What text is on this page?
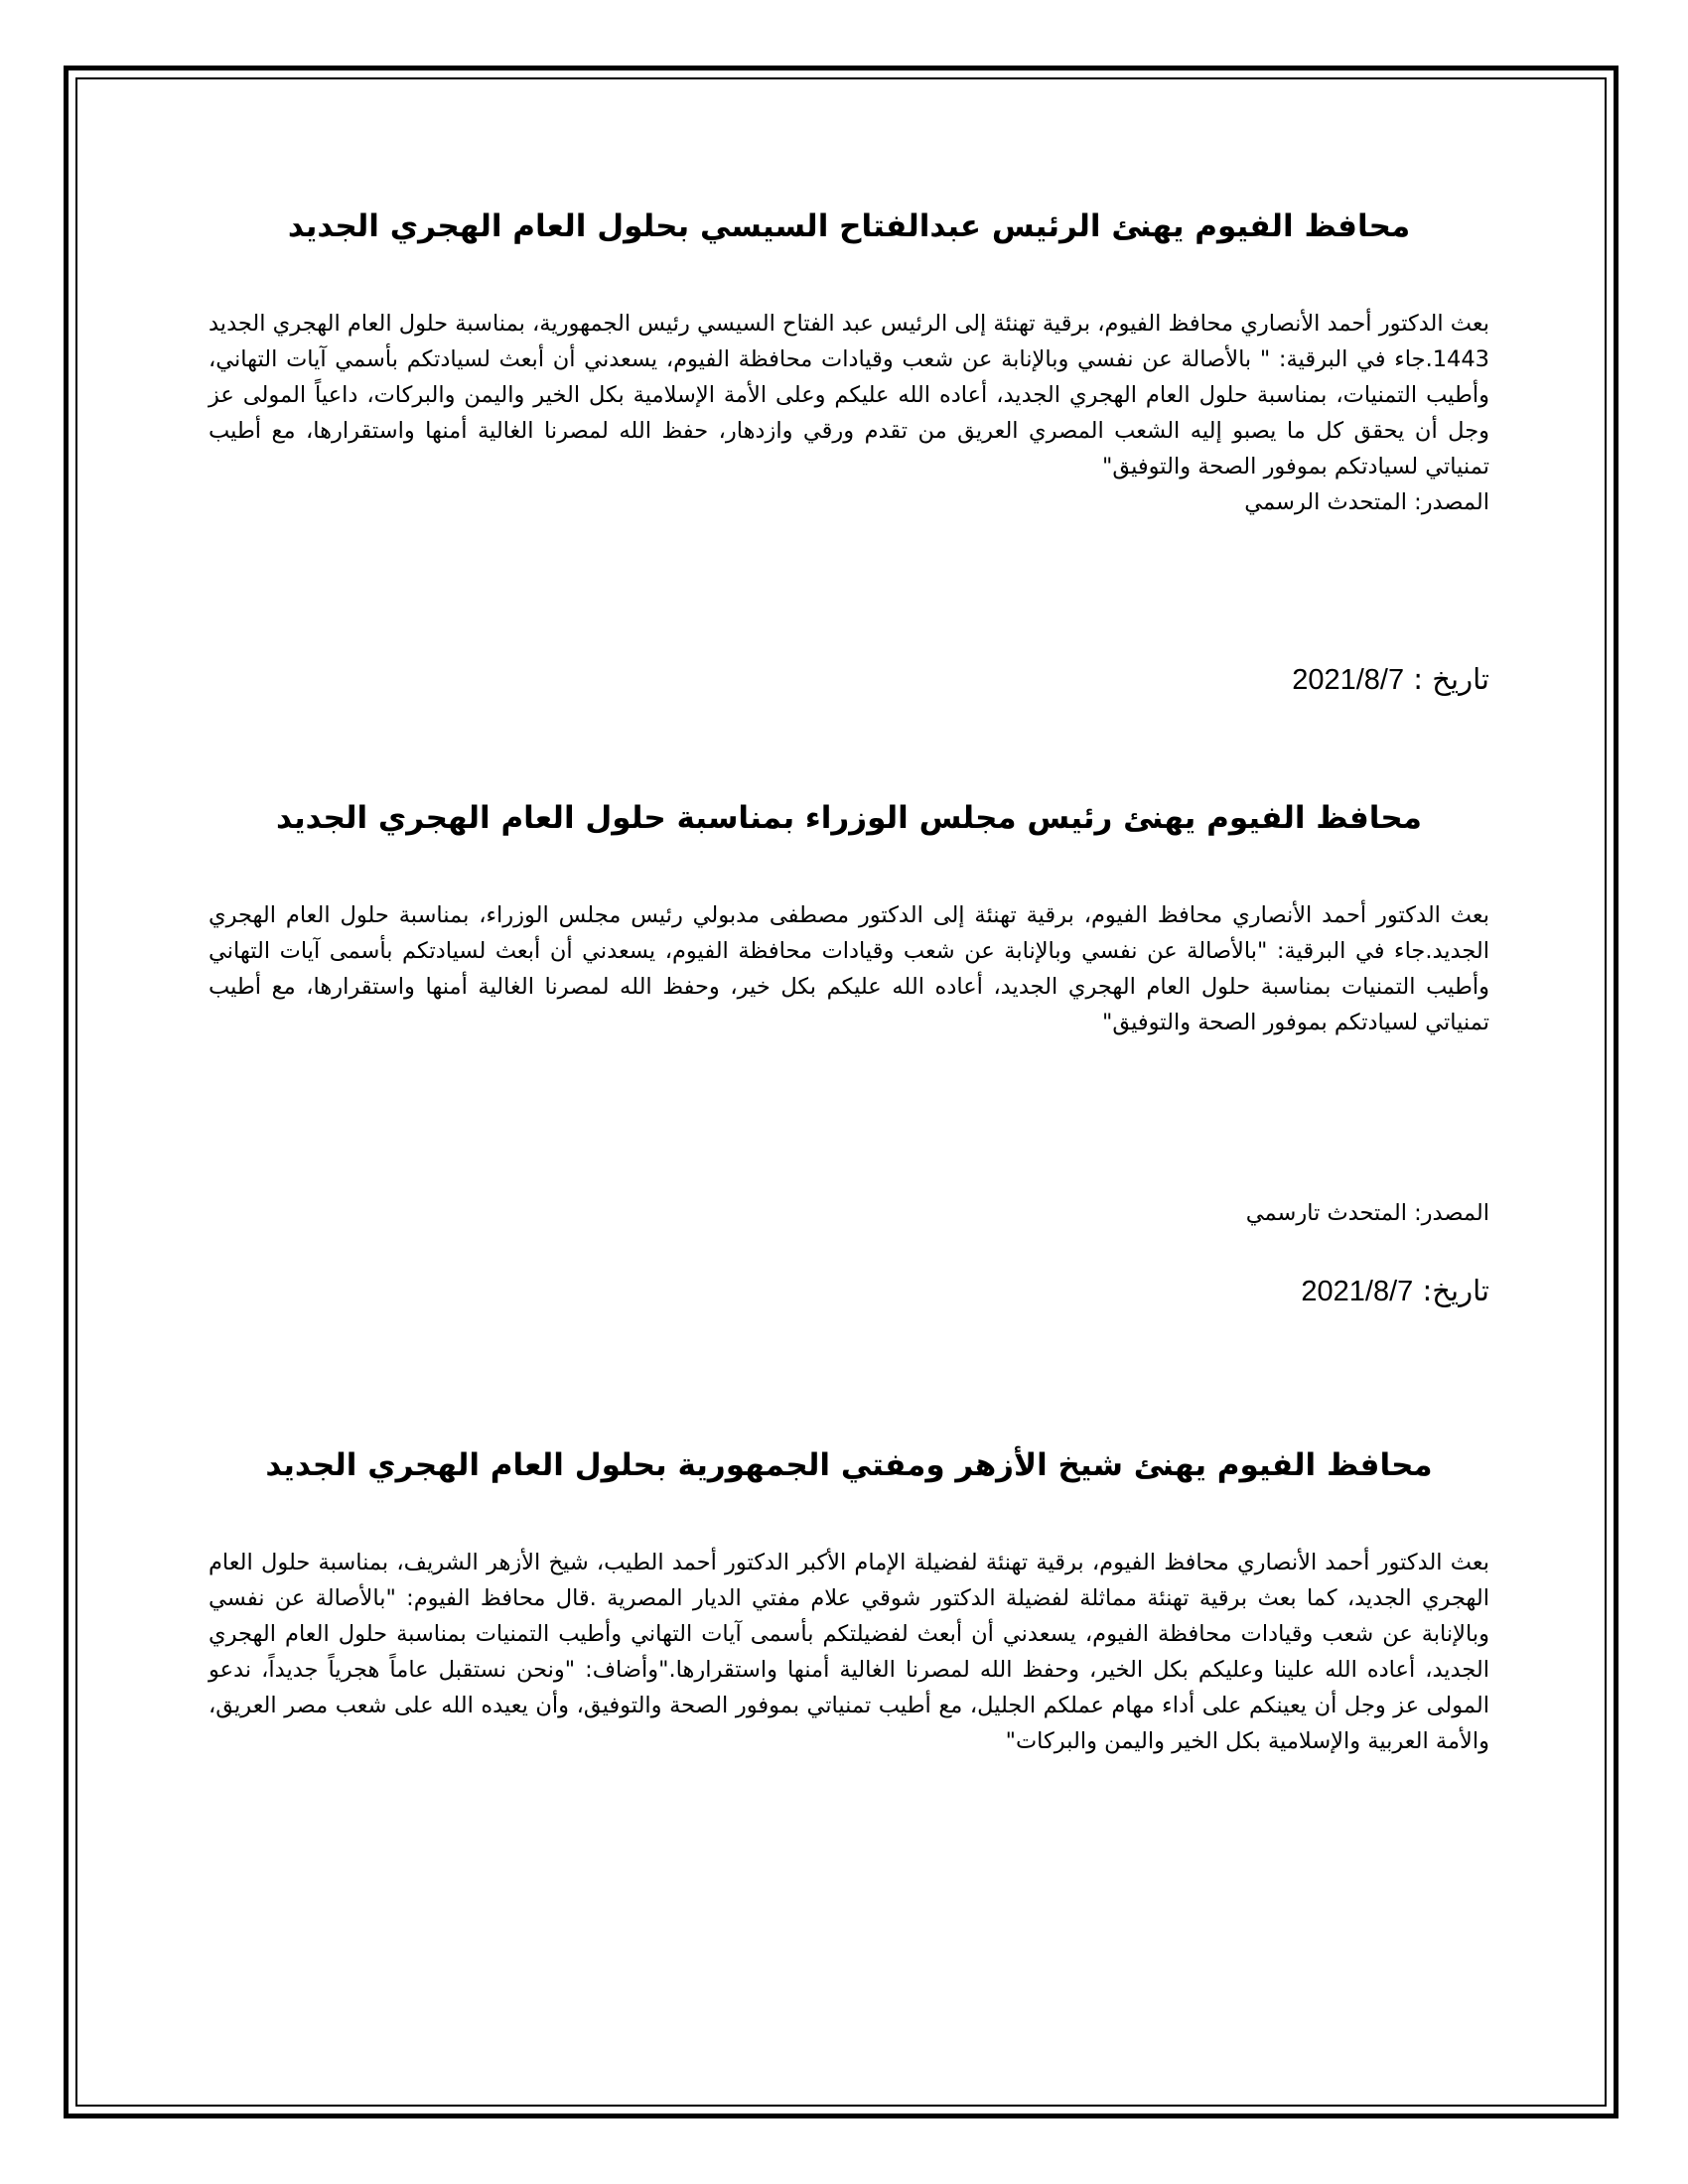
محافظ الفيوم يهنئ الرئيس عبدالفتاح السيسي بحلول العام الهجري الجديد

بعث الدكتور أحمد الأنصاري محافظ الفيوم، برقية تهنئة إلى الرئيس عبد الفتاح السيسي رئيس الجمهورية، بمناسبة حلول العام الهجري الجديد 1443.جاء في البرقية: " بالأصالة عن نفسي وبالإنابة عن شعب وقيادات محافظة الفيوم، يسعدني أن أبعث لسيادتكم بأسمي آيات التهاني، وأطيب التمنيات، بمناسبة حلول العام الهجري الجديد، أعاده الله عليكم وعلى الأمة الإسلامية بكل الخير واليمن والبركات، داعياً المولى عز وجل أن يحقق كل ما يصبو إليه الشعب المصري العريق من تقدم ورقي وازدهار، حفظ الله لمصرنا الغالية أمنها واستقرارها، مع أطيب تمنياتي لسيادتكم بموفور الصحة والتوفيق"

المصدر: المتحدث الرسمي

تاريخ : 2021/8/7
محافظ الفيوم يهنئ رئيس مجلس الوزراء بمناسبة حلول العام الهجري الجديد

بعث الدكتور أحمد الأنصاري محافظ الفيوم، برقية تهنئة إلى الدكتور مصطفى مدبولي رئيس مجلس الوزراء، بمناسبة حلول العام الهجري الجديد.جاء في البرقية: "بالأصالة عن نفسي وبالإنابة عن شعب وقيادات محافظة الفيوم، يسعدني أن أبعث لسيادتكم بأسمى آيات التهاني وأطيب التمنيات بمناسبة حلول العام الهجري الجديد، أعاده الله عليكم بكل خير، وحفظ الله لمصرنا الغالية أمنها واستقرارها، مع أطيب تمنياتي لسيادتكم بموفور الصحة والتوفيق"

المصدر: المتحدث تارسمي

تاريخ: 2021/8/7
محافظ الفيوم يهنئ شيخ الأزهر ومفتي الجمهورية بحلول العام الهجري الجديد

بعث الدكتور أحمد الأنصاري محافظ الفيوم، برقية تهنئة لفضيلة الإمام الأكبر الدكتور أحمد الطيب، شيخ الأزهر الشريف، بمناسبة حلول العام الهجري الجديد، كما بعث برقية تهنئة مماثلة لفضيلة الدكتور شوقي علام مفتي الديار المصرية .قال محافظ الفيوم: "بالأصالة عن نفسي وبالإنابة عن شعب وقيادات محافظة الفيوم، يسعدني أن أبعث لفضيلتكم بأسمى آيات التهاني وأطيب التمنيات بمناسبة حلول العام الهجري الجديد، أعاده الله علينا وعليكم بكل الخير، وحفظ الله لمصرنا الغالية أمنها واستقرارها."وأضاف: "ونحن نستقبل عاماً هجرياً جديداً، ندعو المولى عز وجل أن يعينكم على أداء مهام عملكم الجليل، مع أطيب تمنياتي بموفور الصحة والتوفيق، وأن يعيده الله على شعب مصر العريق، والأمة العربية والإسلامية بكل الخير واليمن والبركات"
